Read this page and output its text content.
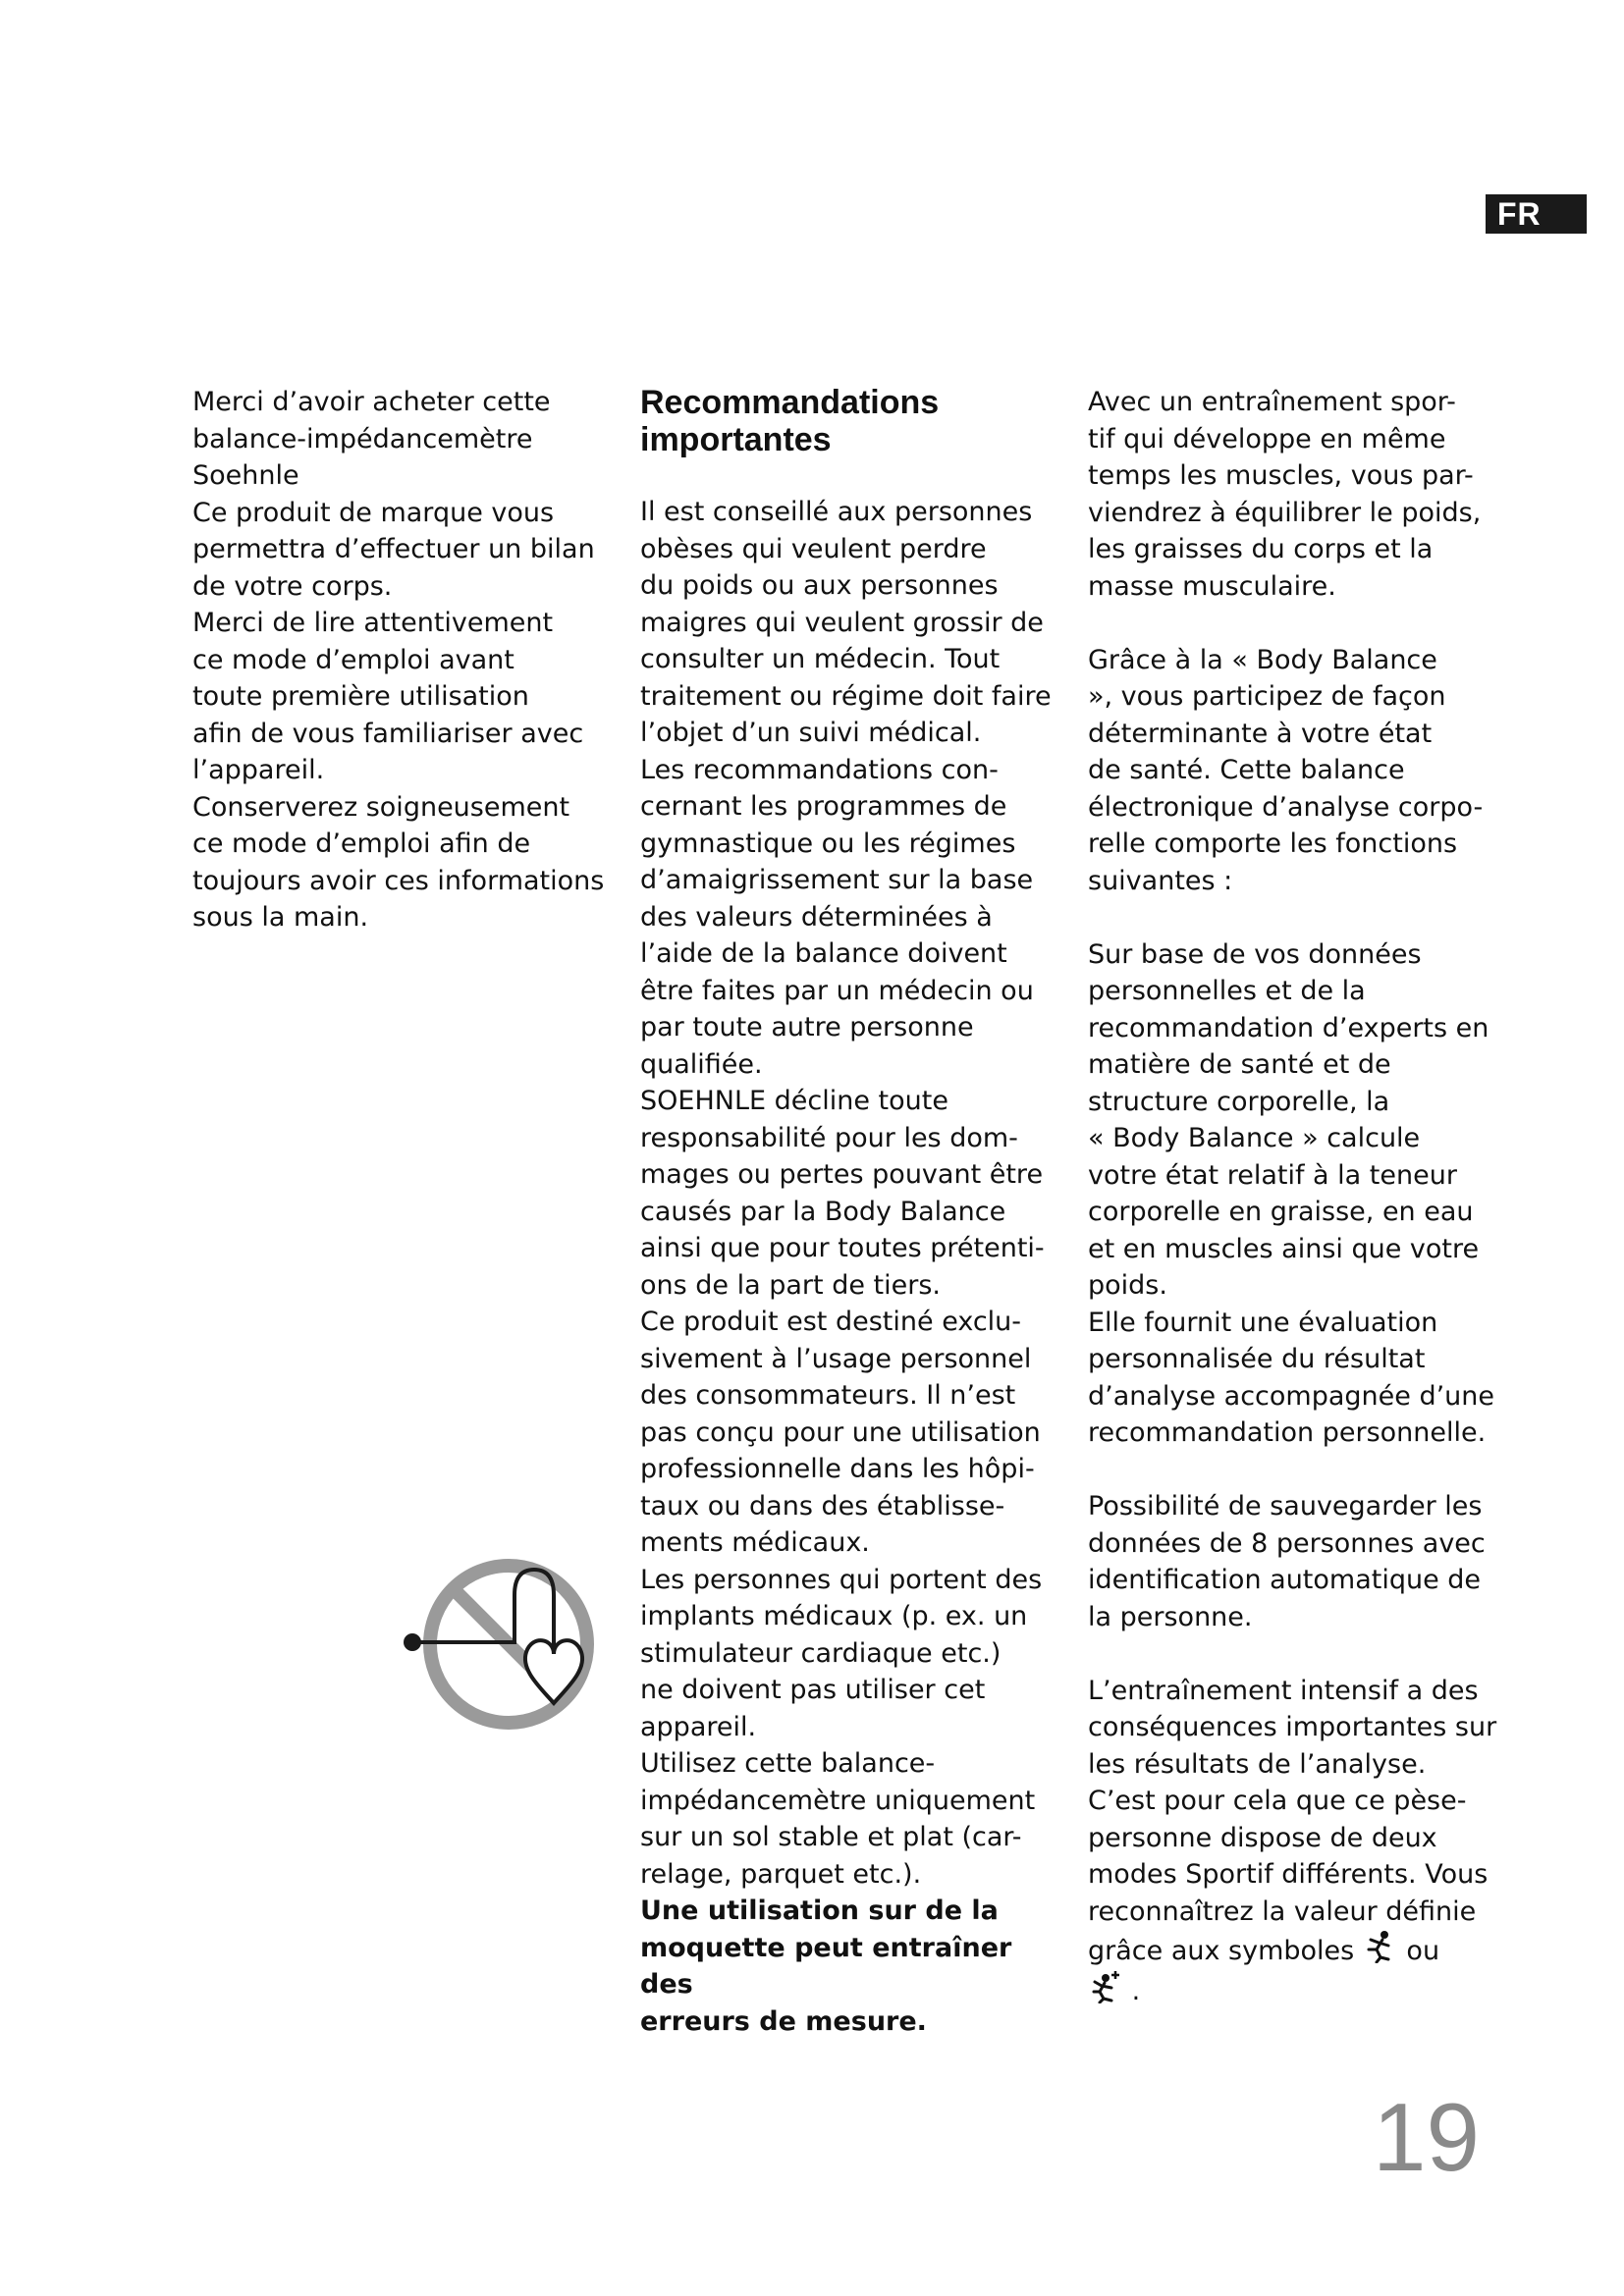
FR

Merci d’avoir acheter cette

balance-impédancemètre

Soehnle

Ce produit de marque vous

permettra d’effectuer un bilan

de votre corps.

Merci de lire attentivement

ce mode d’emploi avant

toute première utilisation

afin de vous familiariser avec

l’appareil.

Conserverez soigneusement

ce mode d’emploi afin de

toujours avoir ces informations

sous la main.

Recommandations

importantes

Il est conseillé aux personnes

obèses qui veulent perdre

du poids ou aux personnes

maigres qui veulent grossir de

consulter un médecin. Tout

traitement ou régime doit faire

l’objet d’un suivi médical.

Les recommandations con-

cernant les programmes de

gymnastique ou les régimes

d’amaigrissement sur la base

des valeurs déterminées à

l’aide de la balance doivent

être faites par un médecin ou

par toute autre personne

qualifiée.

SOEHNLE décline toute

responsabilité pour les dom-

mages ou pertes pouvant être

causés par la Body Balance

ainsi que pour toutes prétenti-

ons de la part de tiers.

Ce produit est destiné exclu-

sivement à l’usage personnel

des consommateurs. Il n’est

pas conçu pour une utilisation

professionnelle dans les hôpi-

taux ou dans des établisse-

ments médicaux.

Les personnes qui portent des

implants médicaux (p. ex. un

stimulateur cardiaque etc.)

ne doivent pas utiliser cet

appareil.

Utilisez cette balance-

impédancemètre uniquement

sur un sol stable et plat (car-

relage, parquet etc.).

Une utilisation sur de la

moquette peut entraîner des

erreurs de mesure.

Avec un entraînement spor-

tif qui développe en même

temps les muscles, vous par-

viendrez à équilibrer le poids,

les graisses du corps et la

masse musculaire.

Grâce à la « Body Balance

», vous participez de façon

déterminante à votre état

de santé. Cette balance

électronique d’analyse corpo-

relle comporte les fonctions

suivantes :

Sur base de vos données

personnelles et de la

recommandation d’experts en

matière de santé et de

structure corporelle, la

« Body Balance » calcule

votre état relatif à la teneur

corporelle en graisse, en eau

et en muscles ainsi que votre

poids.

Elle fournit une évaluation

personnalisée du résultat

d’analyse accompagnée d’une

recommandation personnelle.

Possibilité de sauvegarder les

données de 8 personnes avec

identification automatique de

la personne.

L’entraînement intensif a des

conséquences importantes sur

les résultats de l’analyse.

C’est pour cela que ce pèse-

personne dispose de deux

modes Sportif différents. Vous

reconnaîtrez la valeur définie

grâce aux symboles ou   .

19
